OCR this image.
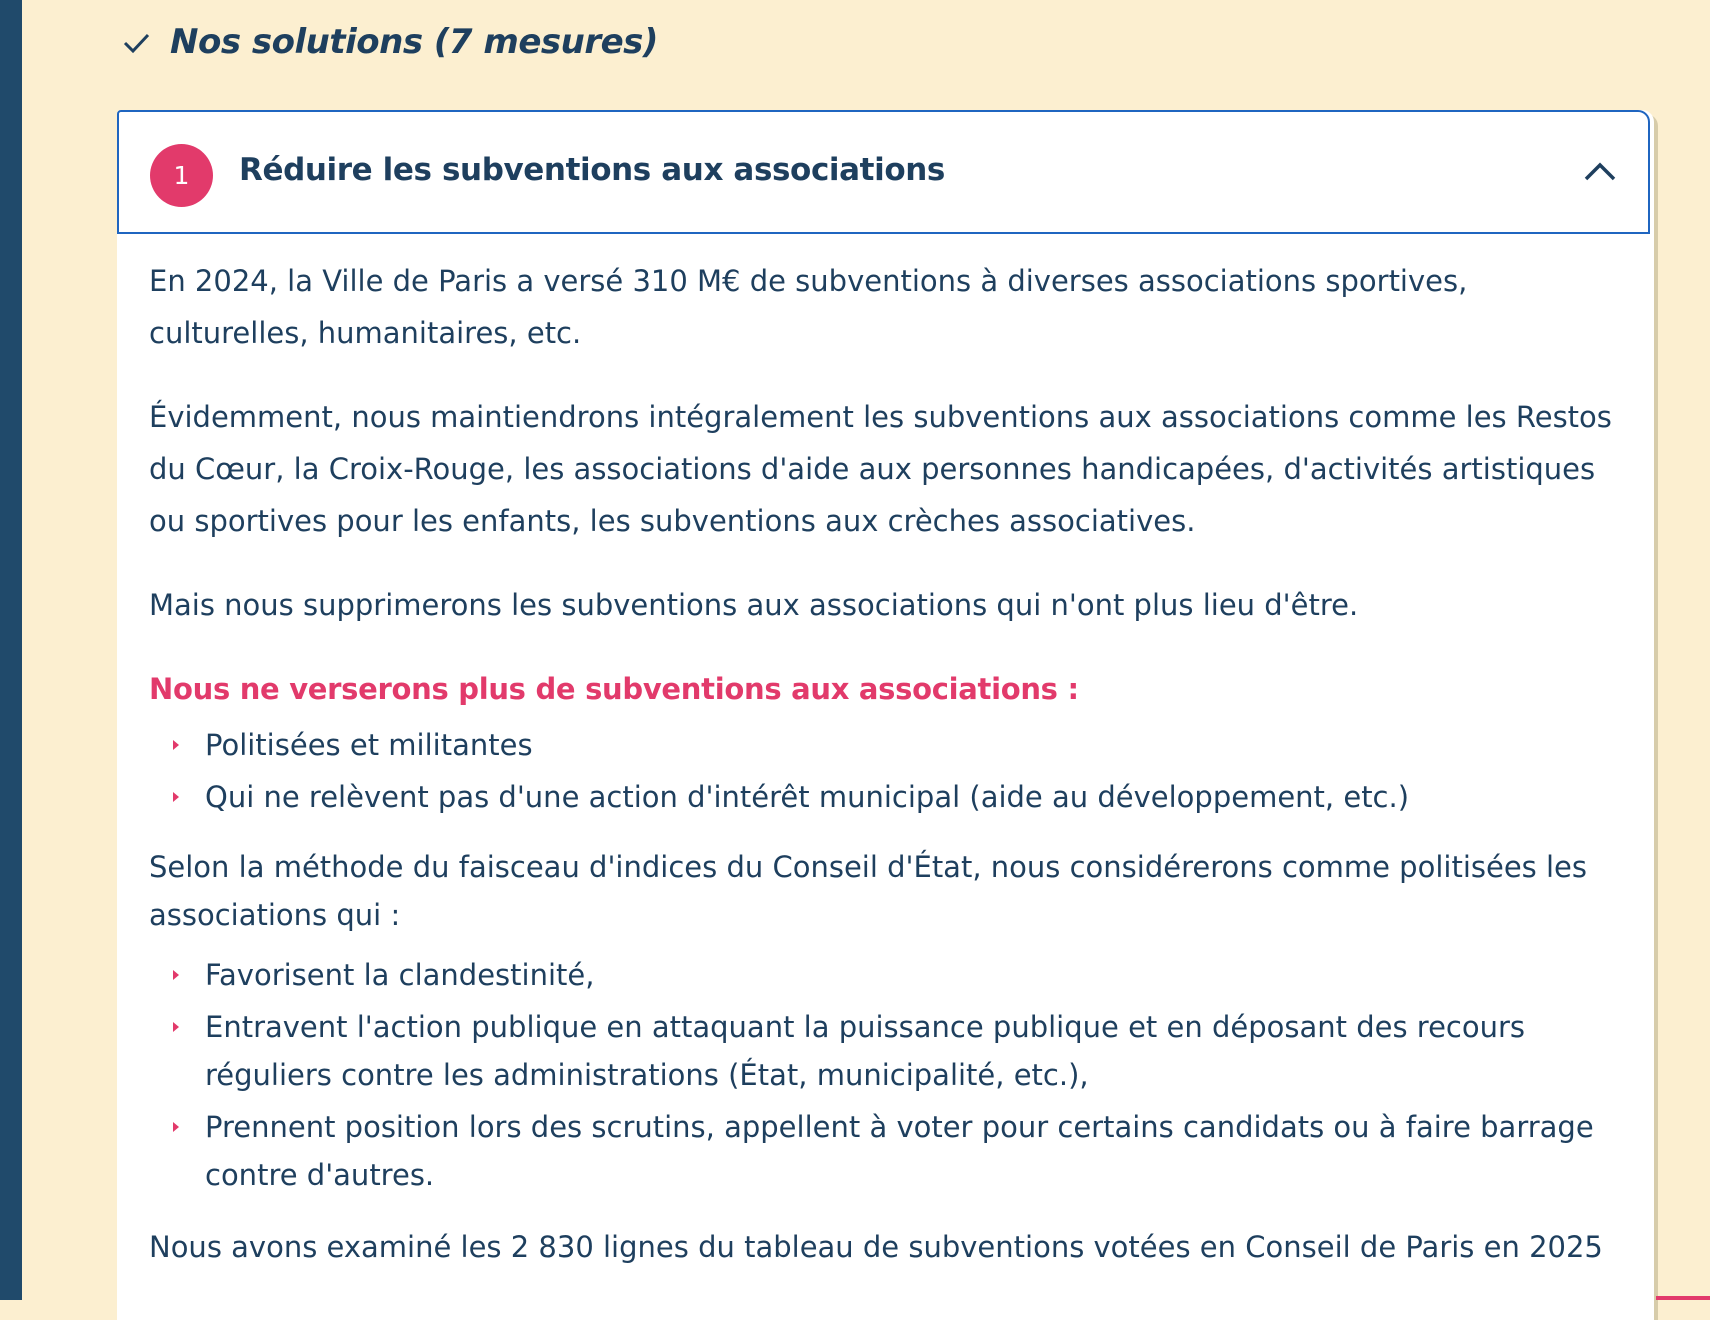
Nos solutions (7 mesures)
1	Réduire les subventions aux associations

En 2024, la Ville de Paris a versé 310 M€ de subventions à diverses associations sportives, culturelles, humanitaires, etc.

Évidemment, nous maintiendrons intégralement les subventions aux associations comme les Restos du Cœur, la Croix-Rouge, les associations d'aide aux personnes handicapées, d'activités artistiques ou sportives pour les enfants, les subventions aux crèches associatives.

Mais nous supprimerons les subventions aux associations qui n'ont plus lieu d'être.

Nous ne verserons plus de subventions aux associations :
Politisées et militantes
Qui ne relèvent pas d'une action d'intérêt municipal (aide au développement, etc.)

Selon la méthode du faisceau d'indices du Conseil d'État, nous considérerons comme politisées les associations qui :

Favorisent la clandestinité,
Entravent l'action publique en attaquant la puissance publique et en déposant des recours réguliers contre les administrations (État, municipalité, etc.),
Prennent position lors des scrutins, appellent à voter pour certains candidats ou à faire barrage contre d'autres.

Nous avons examiné les 2 830 lignes du tableau de subventions votées en Conseil de Paris en 2025
